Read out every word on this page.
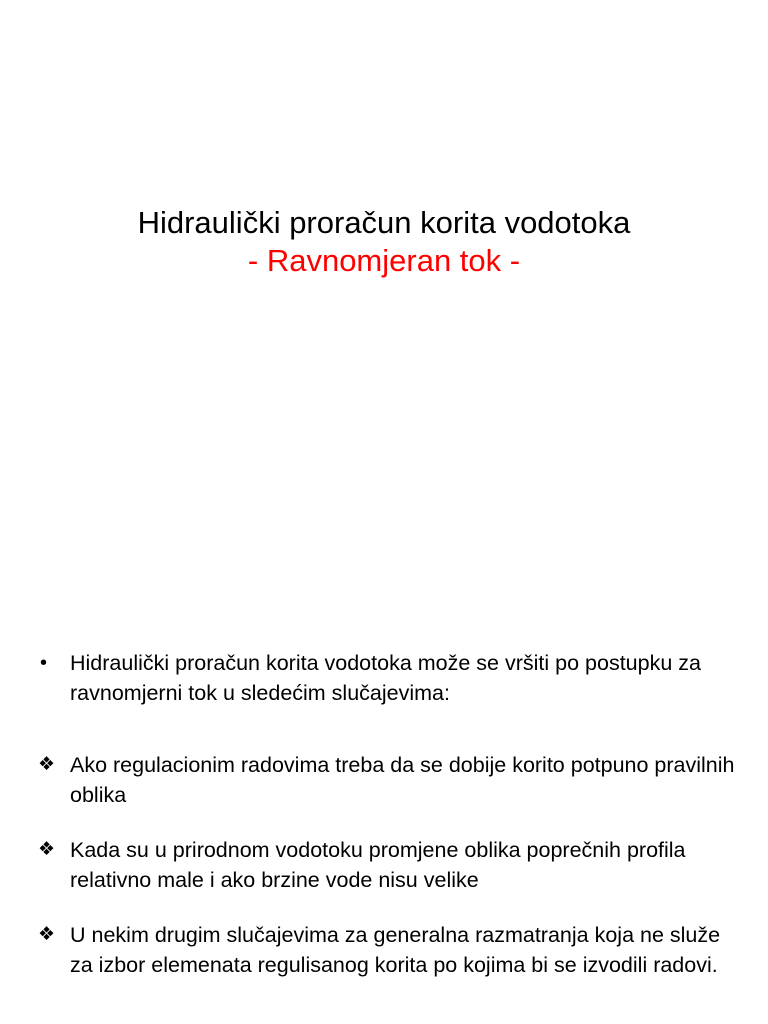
Hidraulički proračun korita vodotoka
- Ravnomjeran tok -
•	Hidraulički proračun korita vodotoka može se vršiti po postupku za ravnomjerni tok u sledećim slučajevima:
❖ Ako regulacionim radovima treba da se dobije korito potpuno pravilnih oblika
❖ Kada su u prirodnom vodotoku promjene oblika poprečnih profila relativno male i ako brzine vode nisu velike
❖ U nekim drugim slučajevima za generalna razmatranja koja ne služe za izbor elemenata regulisanog korita po kojima bi se izvodili radovi.
